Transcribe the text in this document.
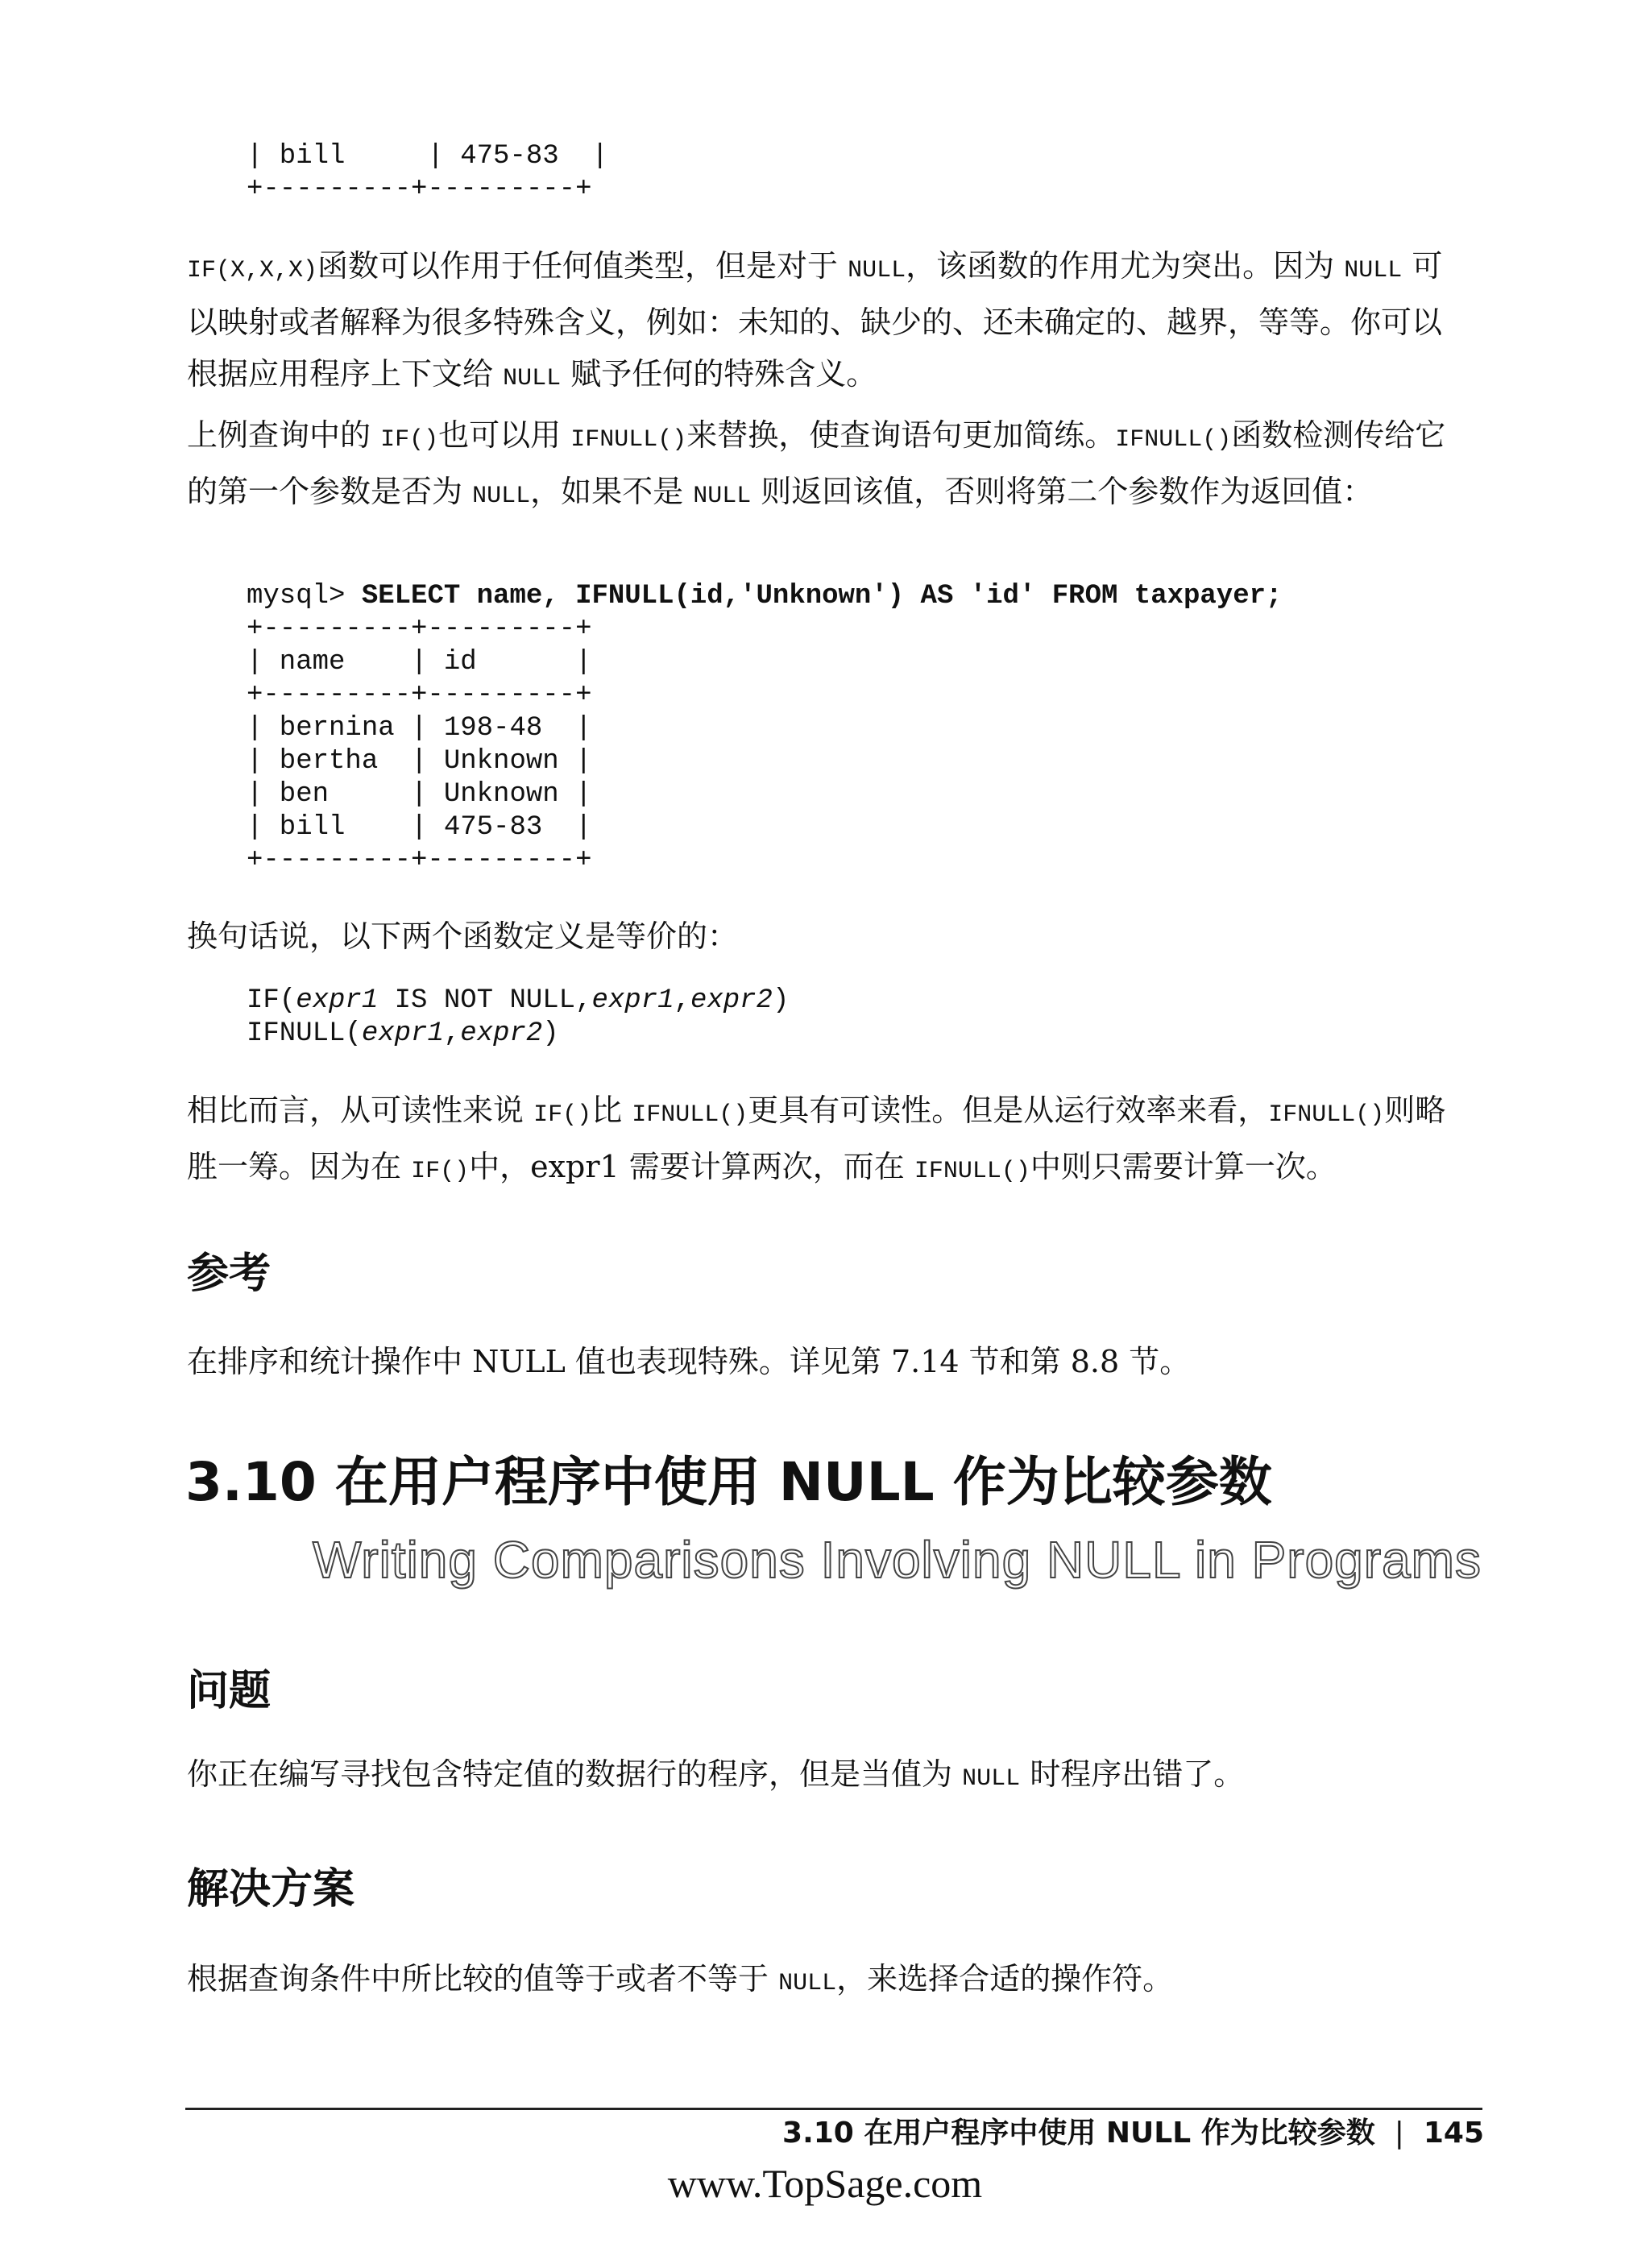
| bill     | 475-83  |
+---------+---------+

IF(X,X,X)函数可以作用于任何值类型，但是对于 NULL，该函数的作用尤为突出。因为 NULL 可以映射或者解释为很多特殊含义，例如：未知的、缺少的、还未确定的、越界，等等。你可以根据应用程序上下文给 NULL 赋予任何的特殊含义。

上例查询中的 IF()也可以用 IFNULL()来替换，使查询语句更加简练。IFNULL()函数检测传给它的第一个参数是否为 NULL，如果不是 NULL 则返回该值，否则将第二个参数作为返回值：

mysql> SELECT name, IFNULL(id,'Unknown') AS 'id' FROM taxpayer;
+---------+---------+
| name    | id      |
+---------+---------+
| bernina | 198-48  |
| bertha  | Unknown |
| ben     | Unknown |
| bill    | 475-83  |
+---------+---------+

换句话说，以下两个函数定义是等价的：

IF(expr1 IS NOT NULL,expr1,expr2)
IFNULL(expr1,expr2)

相比而言，从可读性来说 IF()比 IFNULL()更具有可读性。但是从运行效率来看，IFNULL()则略胜一筹。因为在 IF()中，expr1 需要计算两次，而在 IFNULL()中则只需要计算一次。

参考

在排序和统计操作中 NULL 值也表现特殊。详见第 7.14 节和第 8.8 节。

3.10 在用户程序中使用 NULL 作为比较参数
Writing Comparisons Involving NULL in Programs
问题

你正在编写寻找包含特定值的数据行的程序，但是当值为 NULL 时程序出错了。

解决方案

根据查询条件中所比较的值等于或者不等于 NULL，来选择合适的操作符。

3.10 在用户程序中使用 NULL 作为比较参数 | 145
www.TopSage.com
